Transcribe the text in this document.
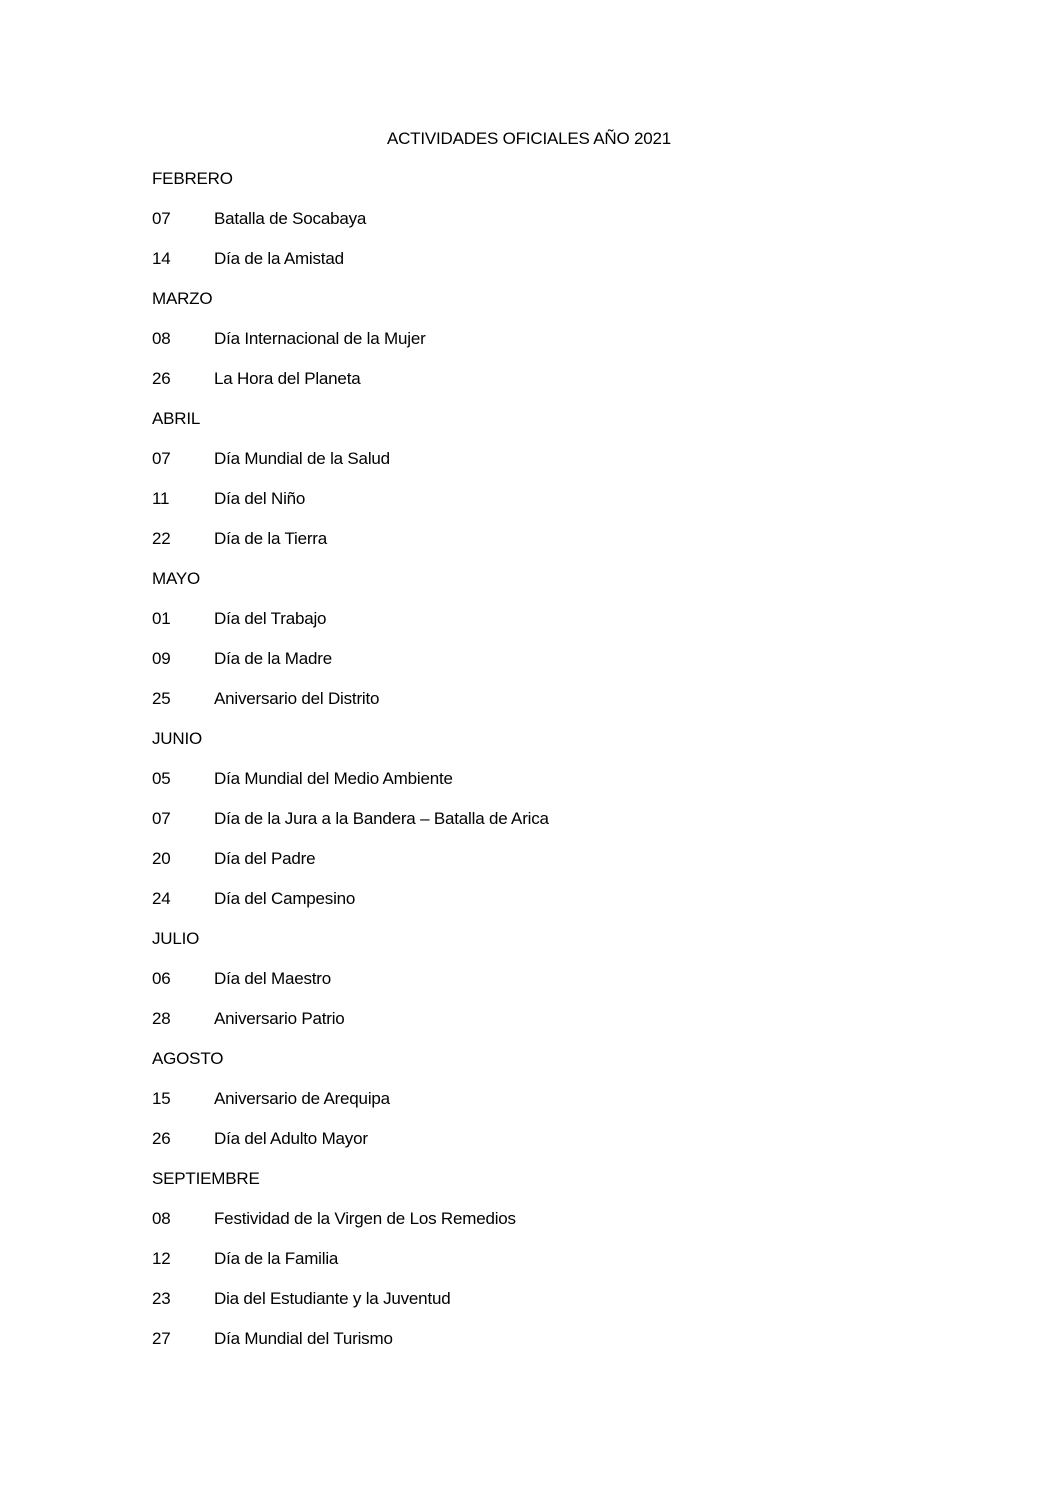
ACTIVIDADES OFICIALES AÑO 2021
FEBRERO
07	Batalla de Socabaya
14	Día de la Amistad
MARZO
08	Día Internacional de la Mujer
26	La Hora del Planeta
ABRIL
07	Día Mundial de la Salud
11	Día del Niño
22	Día de la Tierra
MAYO
01	Día del Trabajo
09	Día de la Madre
25	Aniversario del Distrito
JUNIO
05	Día Mundial del Medio Ambiente
07	Día de la Jura a la Bandera – Batalla de Arica
20	Día del Padre
24	Día del Campesino
JULIO
06	Día del Maestro
28	Aniversario Patrio
AGOSTO
15	Aniversario de Arequipa
26	Día del Adulto Mayor
SEPTIEMBRE
08	Festividad de la Virgen de Los Remedios
12	Día de la Familia
23	Dia del Estudiante y la Juventud
27	Día Mundial del Turismo
